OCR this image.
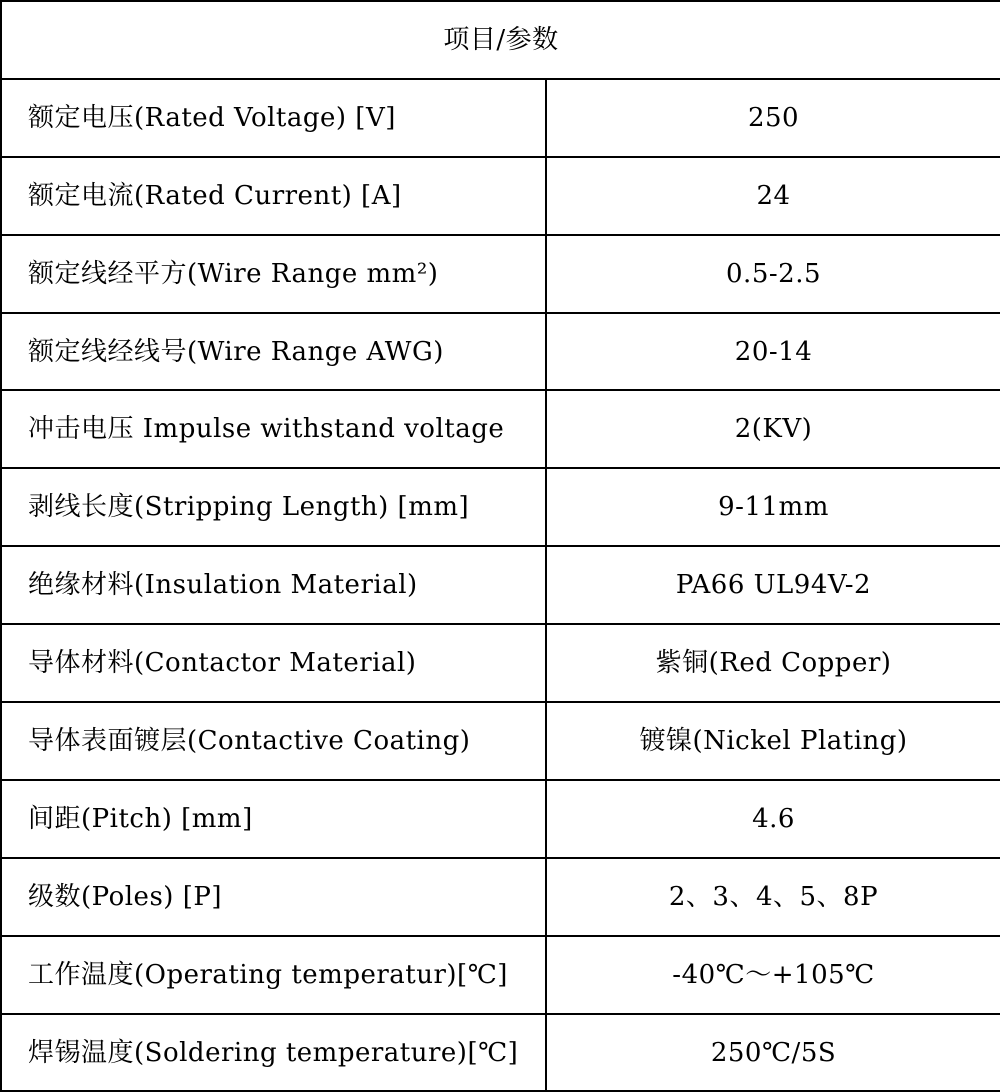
项目/参数	
额定电压(Rated Voltage) [V]	250
额定电流(Rated Current) [A]	24
额定线经平方(Wire Range mm²)	0.5-2.5
额定线经线号(Wire Range AWG)	20-14
冲击电压 Impulse withstand voltage	2(KV)
剥线长度(Stripping Length) [mm]	9-11mm
绝缘材料(Insulation Material)	PA66 UL94V-2
导体材料(Contactor Material)	紫铜(Red Copper)
导体表面镀层(Contactive Coating)	镀镍(Nickel Plating)
间距(Pitch) [mm]	4.6
级数(Poles) [P]	2、3、4、5、8P
工作温度(Operating temperatur)[℃]	-40℃～+105℃
焊锡温度(Soldering temperature)[℃]	250℃/5S
